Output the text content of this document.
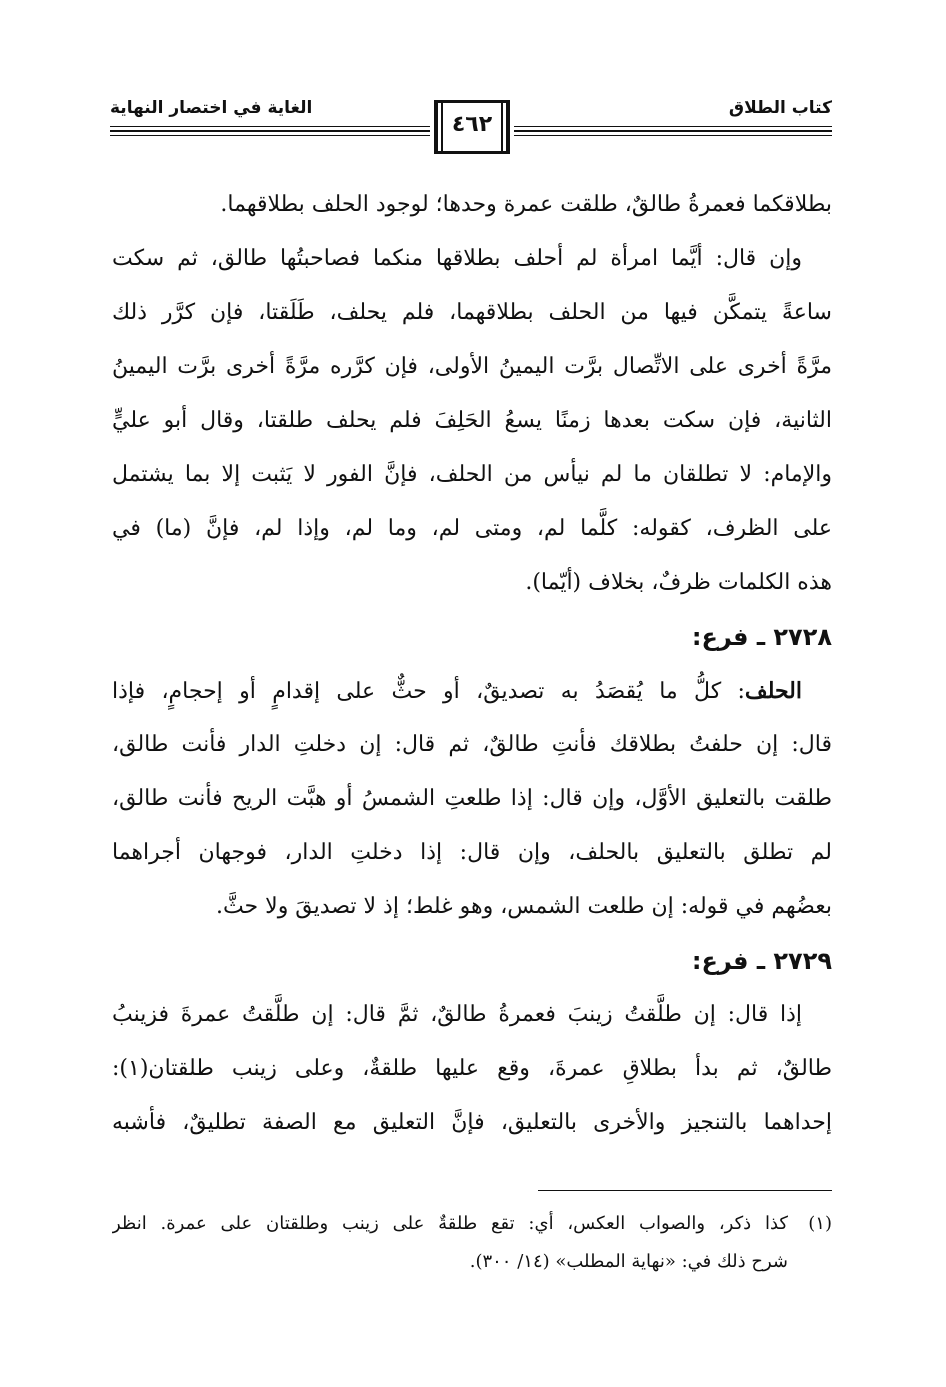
كتاب الطلاق
الغاية في اختصار النهاية
٤٦٢
بطلاقكما فعمرةُ طالقٌ، طلقت عمرة وحدها؛ لوجود الحلف بطلاقهما.
وإن قال: أيَّما امرأة لم أحلف بطلاقها منكما فصاحبتُها طالق، ثم سكت
ساعةً يتمكَّن فيها من الحلف بطلاقهما، فلم يحلف، طَلَقتا، فإن كرَّر ذلك
مرَّةً أخرى على الاتِّصال برَّت اليمينُ الأولى، فإن كرَّره مرَّةً أخرى برَّت اليمينُ
الثانية، فإن سكت بعدها زمنًا يسعُ الحَلِفَ فلم يحلف طلقتا، وقال أبو عليٍّ
والإمام: لا تطلقان ما لم نيأس من الحلف، فإنَّ الفور لا يَثبت إلا بما يشتمل
على الظرف، كقوله: كلَّما لم، ومتى لم، وما لم، وإذا لم، فإنَّ (ما) في
هذه الكلمات ظرفٌ، بخلاف (أيّما).
٢٧٢٨ ـ فرع:
الحلف: كلُّ ما يُقصَدُ به تصديقٌ، أو حثٌّ على إقدامٍ أو إحجامٍ، فإذا
قال: إن حلفتُ بطلاقك فأنتِ طالقٌ، ثم قال: إن دخلتِ الدار فأنت طالق،
طلقت بالتعليق الأوَّل، وإن قال: إذا طلعتِ الشمسُ أو هبَّت الريح فأنت طالق،
لم تطلق بالتعليق بالحلف، وإن قال: إذا دخلتِ الدار، فوجهان أجراهما
بعضُهم في قوله: إن طلعت الشمس، وهو غلط؛ إذ لا تصديقَ ولا حثَّ.
٢٧٢٩ ـ فرع:
إذا قال: إن طلَّقتُ زينبَ فعمرةُ طالقٌ، ثمَّ قال: إن طلَّقتُ عمرةَ فزينبُ
طالقٌ، ثم بدأ بطلاقِ عمرةَ، وقع عليها طلقةٌ، وعلى زينب طلقتان(١):
إحداهما بالتنجيز والأخرى بالتعليق، فإنَّ التعليق مع الصفة تطليقٌ، فأشبه
(١)كذا ذكر، والصواب العكس، أي: تقع طلقةٌ على زينب وطلقتان على عمرة. انظر
شرح ذلك في: «نهاية المطلب» (١٤/ ٣٠٠).
